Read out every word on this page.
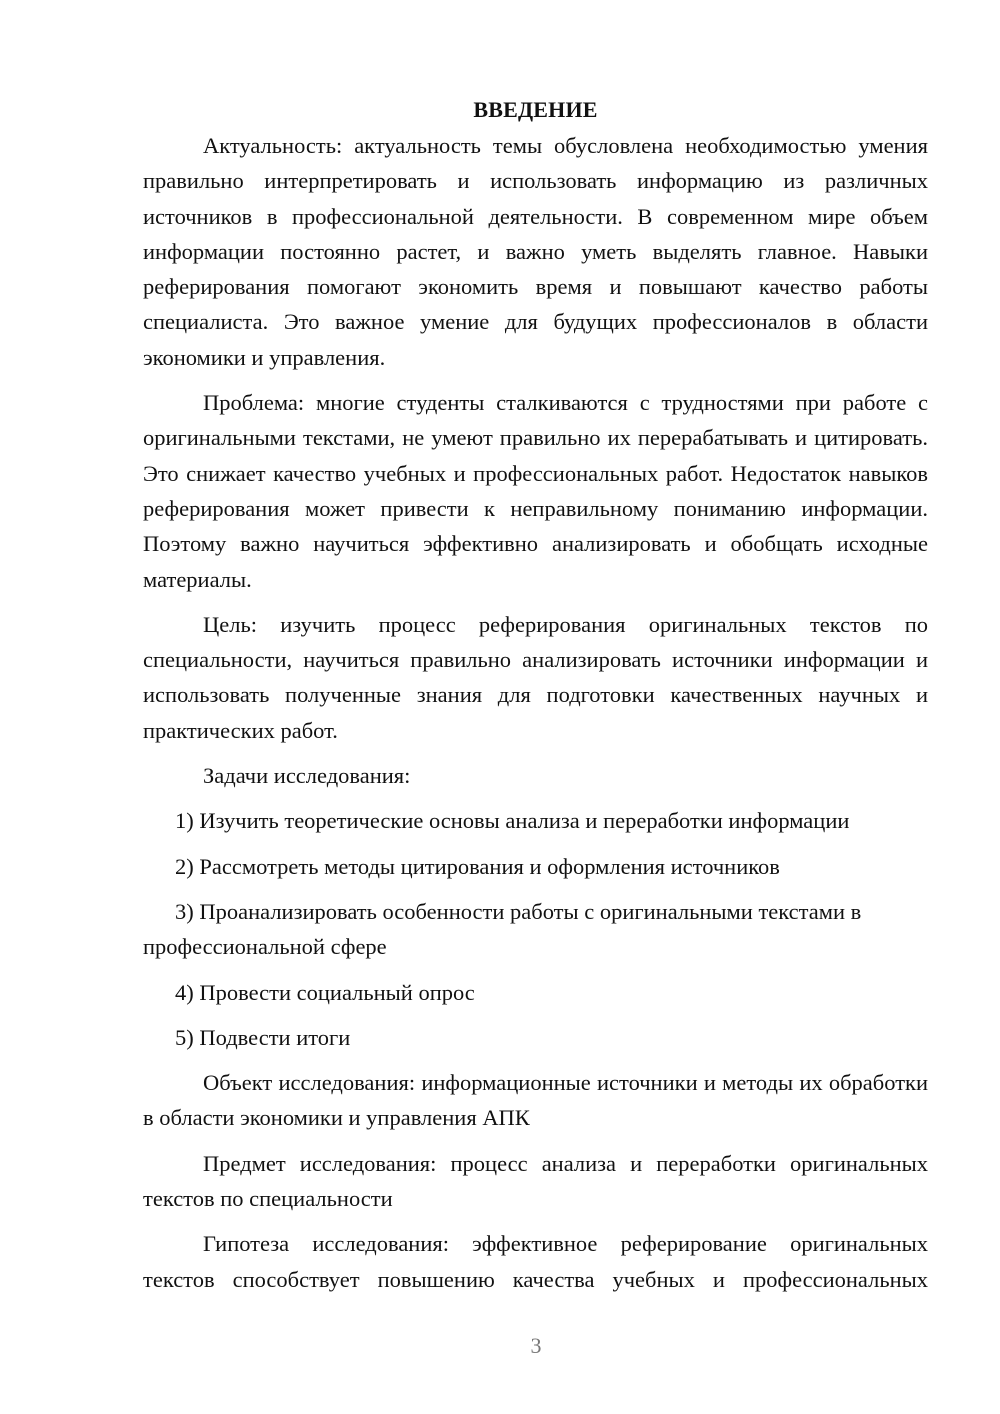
ВВЕДЕНИЕ

Актуальность: актуальность темы обусловлена необходимостью умения правильно интерпретировать и использовать информацию из различных источников в профессиональной деятельности. В современном мире объем информации постоянно растет, и важно уметь выделять главное. Навыки реферирования помогают экономить время и повышают качество работы специалиста. Это важное умение для будущих профессионалов в области экономики и управления.

Проблема: многие студенты сталкиваются с трудностями при работе с оригинальными текстами, не умеют правильно их перерабатывать и цитировать. Это снижает качество учебных и профессиональных работ. Недостаток навыков реферирования может привести к неправильному пониманию информации. Поэтому важно научиться эффективно анализировать и обобщать исходные материалы.

Цель: изучить процесс реферирования оригинальных текстов по специальности, научиться правильно анализировать источники информации и использовать полученные знания для подготовки качественных научных и практических работ.

Задачи исследования:

1) Изучить теоретические основы анализа и переработки информации

2) Рассмотреть методы цитирования и оформления источников

3) Проанализировать особенности работы с оригинальными текстами в профессиональной сфере

4) Провести социальный опрос

5) Подвести итоги

Объект исследования: информационные источники и методы их обработки в области экономики и управления АПК

Предмет исследования: процесс анализа и переработки оригинальных текстов по специальности

Гипотеза исследования: эффективное реферирование оригинальных текстов способствует повышению качества учебных и профессиональных

3
